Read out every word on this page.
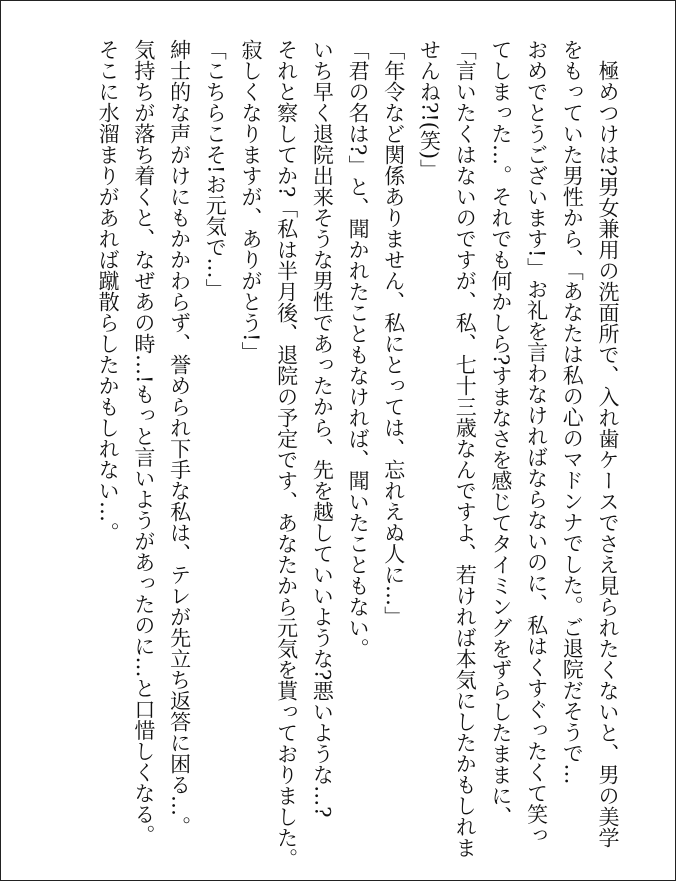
　極めつけは?男女兼用の洗面所で、入れ歯ケースでさえ見られたくないと、男の美学
をもっていた男性から、「あなたは私の心のマドンナでした。ご退院だそうで…
おめでとうございます!」お礼を言わなければならないのに、私はくすぐったくて笑っ
てしまった…。それでも何かしら?すまなさを感じてタイミングをずらしたままに、
「言いたくはないのですが、私、七十三歳なんですよ、若ければ本気にしたかもしれま
せんね?!(笑)」
「年令など関係ありません、私にとっては、忘れえぬ人に…」
「君の名は?」と、聞かれたこともなければ、聞いたこともない。
いち早く退院出来そうな男性であったから、先を越していいような?悪いような…?
それと察してか?「私は半月後、退院の予定です、あなたから元気を貰っておりました。
寂しくなりますが、ありがとう!」
「こちらこそ!お元気で…」
紳士的な声がけにもかかわらず、誉められ下手な私は、テレが先立ち返答に困る…。
気持ちが落ち着くと、なぜあの時…!もっと言いようがあったのに…と口惜しくなる。
そこに水溜まりがあれば蹴散らしたかもしれない…。
